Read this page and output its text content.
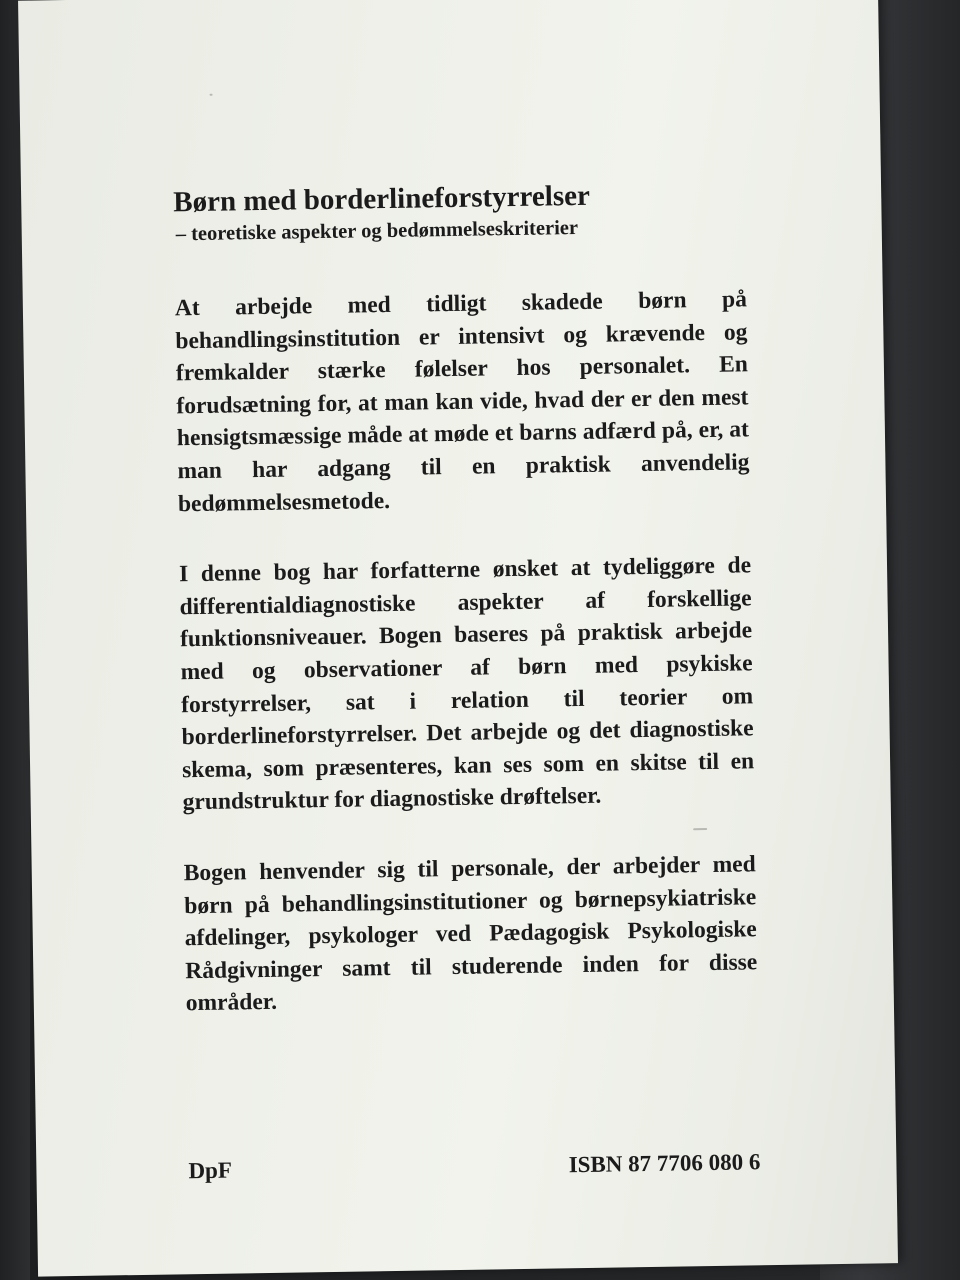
Børn med borderlineforstyrrelser
– teoretiske aspekter og bedømmelseskriterier

At arbejde med tidligt skadede børn på behandlingsinstitution er intensivt og krævende og fremkalder stærke følelser hos personalet. En forudsætning for, at man kan vide, hvad der er den mest hensigtsmæssige måde at møde et barns adfærd på, er, at man har adgang til en praktisk anvendelig bedømmelsesmetode.

I denne bog har forfatterne ønsket at tydeliggøre de differentialdiagnostiske aspekter af forskellige funktionsniveauer. Bogen baseres på praktisk arbejde med og observationer af børn med psykiske forstyrrelser, sat i relation til teorier om borderlineforstyrrelser. Det arbejde og det diagnostiske skema, som præsenteres, kan ses som en skitse til en grundstruktur for diagnostiske drøftelser.

Bogen henvender sig til personale, der arbejder med børn på behandlingsinstitutioner og børnepsykiatriske afdelinger, psykologer ved Pædagogisk Psykologiske Rådgivninger samt til studerende inden for disse områder.

DpF	ISBN 87 7706 080 6
